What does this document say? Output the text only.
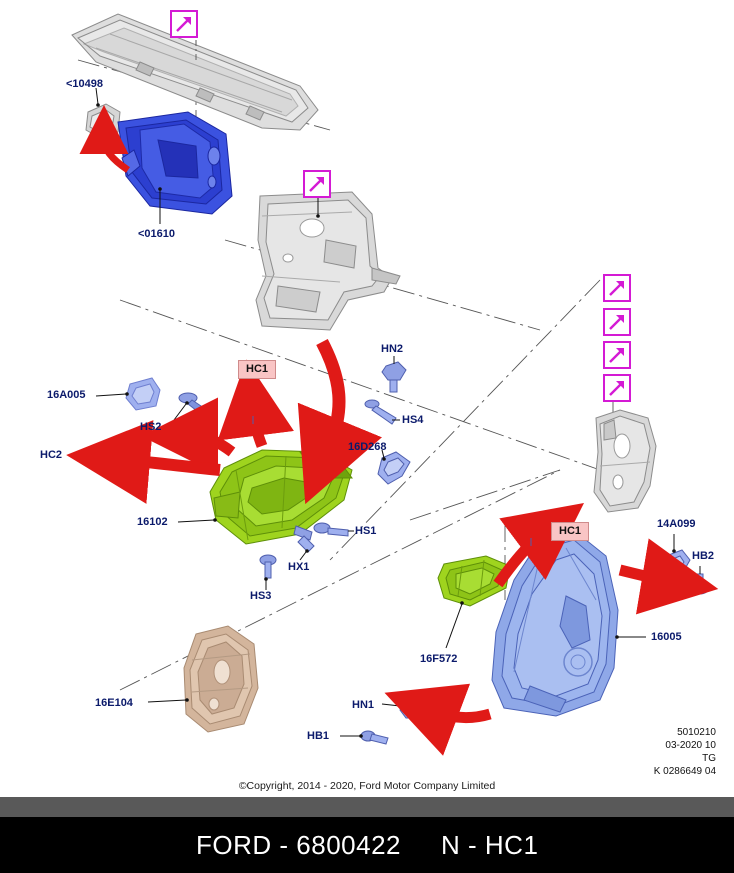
HC1
HC1
<10498
<01610
16A005
HS2
HC2
16102
HX1
HS3
HS1
HN2
HS4
16D268
16E104
16F572
HN1
HB1
16005
14A099
HB2
5010210
03-2020 10
TG
K 0286649 04
©Copyright, 2014 - 2020, Ford Motor Company Limited
FORD - 6800422 N - HC1
